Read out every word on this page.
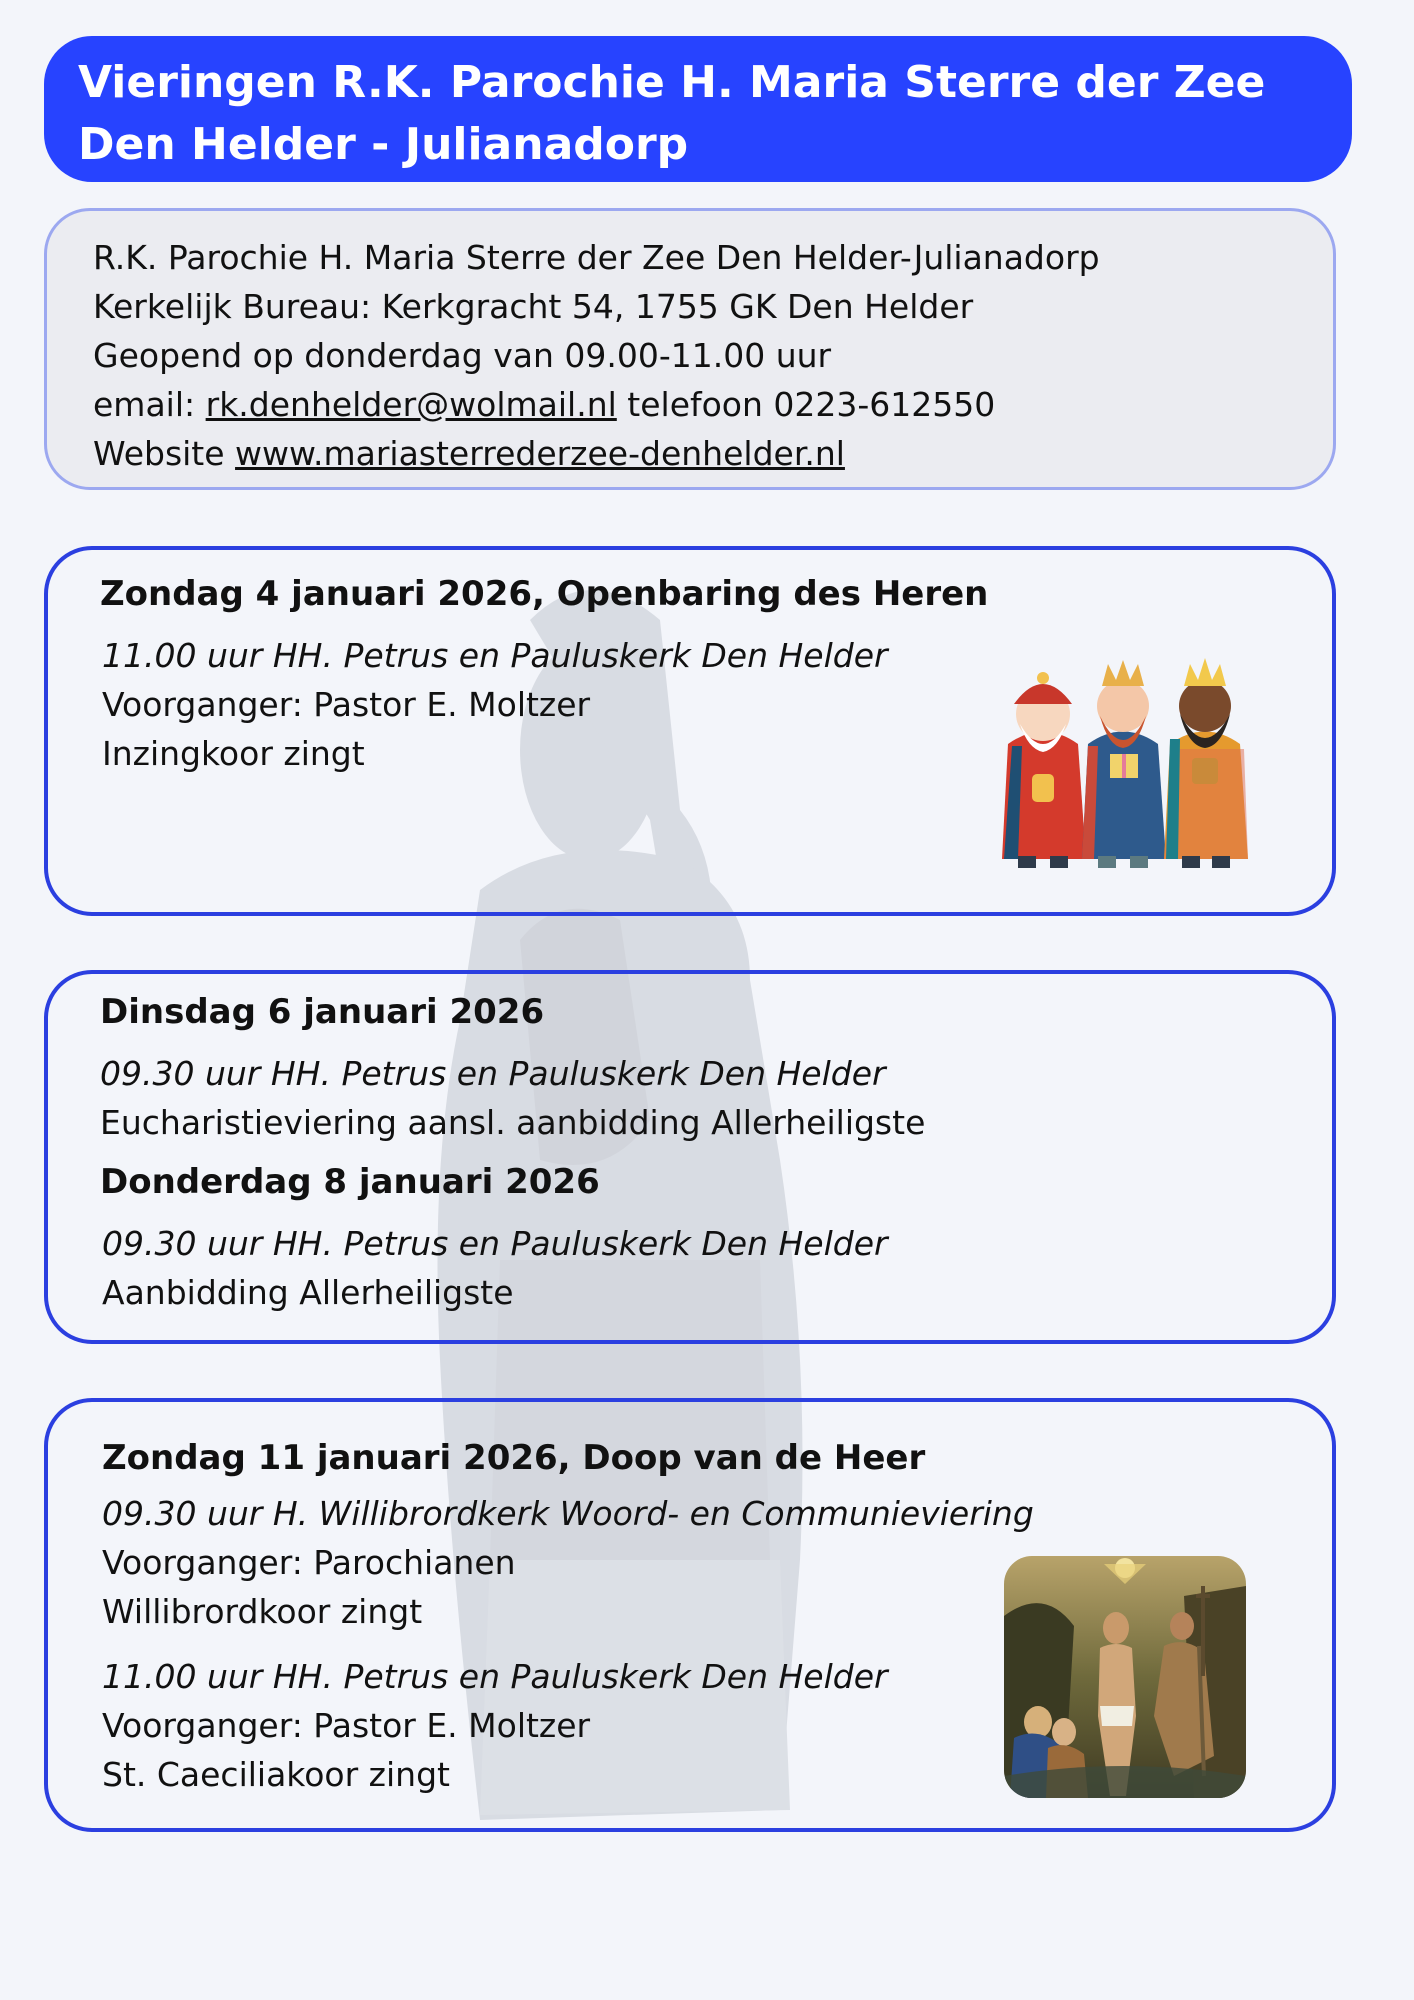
Vieringen R.K. Parochie H. Maria Sterre der Zee
Den Helder - Julianadorp
R.K. Parochie H. Maria Sterre der Zee Den Helder-Julianadorp
Kerkelijk Bureau: Kerkgracht 54, 1755 GK Den Helder
Geopend op donderdag van 09.00-11.00 uur
email: rk.denhelder@wolmail.nl telefoon 0223-612550
Website www.mariasterrederzee-denhelder.nl
Zondag 4 januari 2026, Openbaring des Heren
11.00 uur HH. Petrus en Pauluskerk Den Helder
Voorganger: Pastor E. Moltzer
Inzingkoor zingt
Dinsdag 6 januari 2026
09.30 uur HH. Petrus en Pauluskerk Den Helder
Eucharistieviering aansl. aanbidding Allerheiligste
Donderdag 8 januari 2026
09.30 uur HH. Petrus en Pauluskerk Den Helder
Aanbidding Allerheiligste
Zondag 11 januari 2026, Doop van de Heer
09.30 uur H. Willibrordkerk Woord- en Communieviering
Voorganger: Parochianen
Willibrordkoor zingt
11.00 uur HH. Petrus en Pauluskerk Den Helder
Voorganger: Pastor E. Moltzer
St. Caeciliakoor zingt
